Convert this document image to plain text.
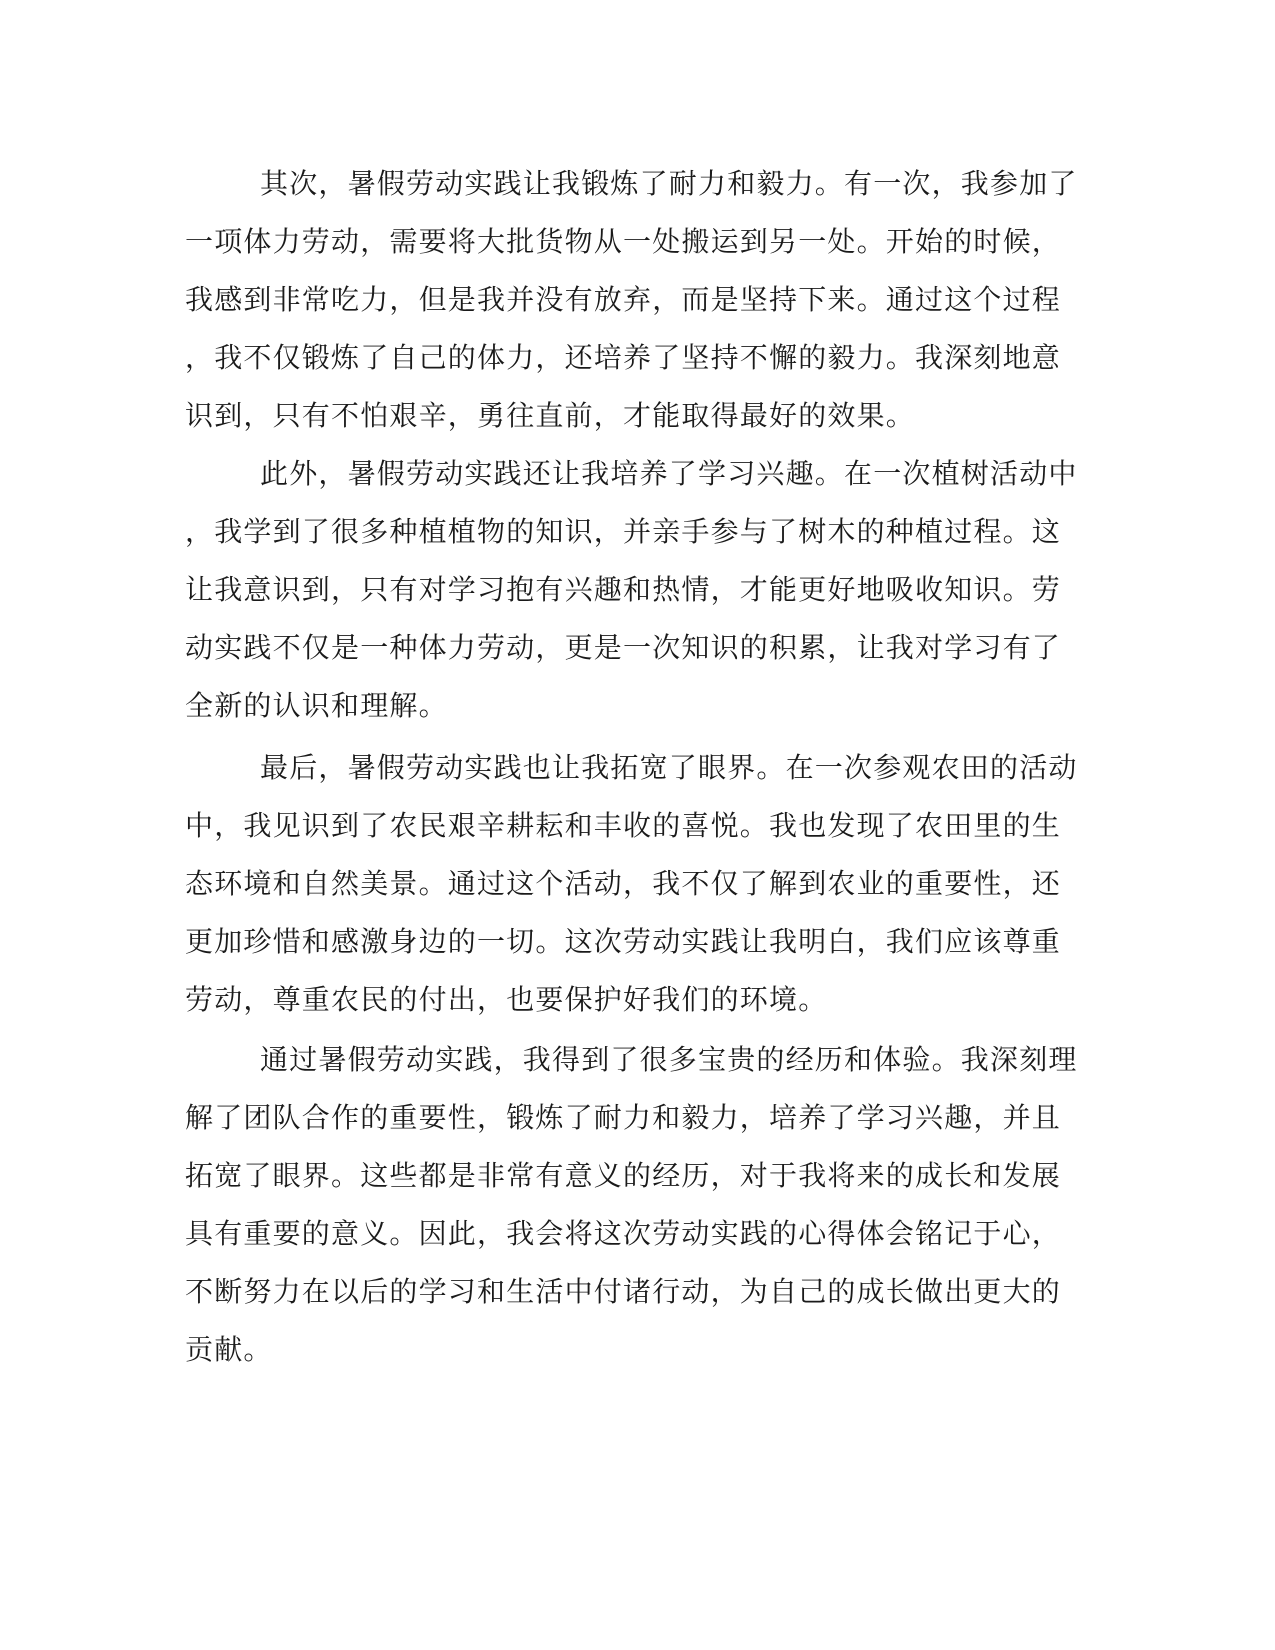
其次，暑假劳动实践让我锻炼了耐力和毅力。有一次，我参加了

一项体力劳动，需要将大批货物从一处搬运到另一处。开始的时候，

我感到非常吃力，但是我并没有放弃，而是坚持下来。通过这个过程

，我不仅锻炼了自己的体力，还培养了坚持不懈的毅力。我深刻地意

识到，只有不怕艰辛，勇往直前，才能取得最好的效果。

此外，暑假劳动实践还让我培养了学习兴趣。在一次植树活动中

，我学到了很多种植植物的知识，并亲手参与了树木的种植过程。这

让我意识到，只有对学习抱有兴趣和热情，才能更好地吸收知识。劳

动实践不仅是一种体力劳动，更是一次知识的积累，让我对学习有了

全新的认识和理解。

最后，暑假劳动实践也让我拓宽了眼界。在一次参观农田的活动

中，我见识到了农民艰辛耕耘和丰收的喜悦。我也发现了农田里的生

态环境和自然美景。通过这个活动，我不仅了解到农业的重要性，还

更加珍惜和感激身边的一切。这次劳动实践让我明白，我们应该尊重

劳动，尊重农民的付出，也要保护好我们的环境。

通过暑假劳动实践，我得到了很多宝贵的经历和体验。我深刻理

解了团队合作的重要性，锻炼了耐力和毅力，培养了学习兴趣，并且

拓宽了眼界。这些都是非常有意义的经历，对于我将来的成长和发展

具有重要的意义。因此，我会将这次劳动实践的心得体会铭记于心，

不断努力在以后的学习和生活中付诸行动，为自己的成长做出更大的

贡献。
